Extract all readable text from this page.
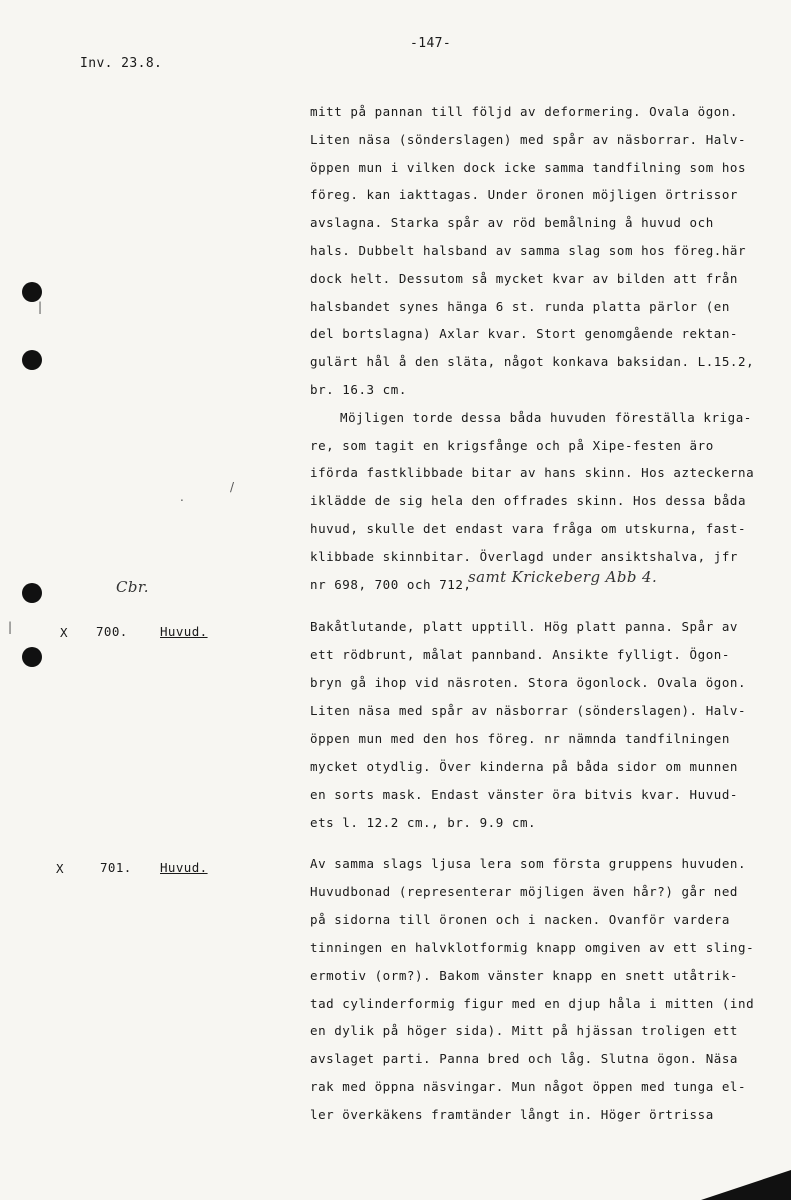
Inv. 23.8.
-147-
mitt på pannan till följd av deformering. Ovala ögon.
Liten näsa (sönderslagen) med spår av näsborrar. Halv-
öppen mun i vilken dock icke samma tandfilning som hos
föreg. kan iakttagas. Under öronen möjligen örtrissor
avslagna. Starka spår av röd bemålning å huvud och
hals. Dubbelt halsband av samma slag som hos föreg.här
dock helt. Dessutom så mycket kvar av bilden att från
halsbandet synes hänga 6 st. runda platta pärlor (en
del bortslagna) Axlar kvar. Stort genomgående rektan-
gulärt hål å den släta, något konkava baksidan. L.15.2,
br. 16.3 cm.
Möjligen torde dessa båda huvuden föreställa kriga-
re, som tagit en krigsfånge och på Xipe-festen äro
iförda fastklibbade bitar av hans skinn. Hos azteckerna
iklädde de sig hela den offrades skinn. Hos dessa båda
huvud, skulle det endast vara fråga om utskurna, fast-
klibbade skinnbitar. Överlagd under ansiktshalva, jfr
nr 698, 700 och 712,
samt Krickeberg Abb 4.
Cbr.
X 700.	Huvud.	Bakåtlutande, platt upptill. Hög platt panna. Spår av
ett rödbrunt, målat pannband. Ansikte fylligt. Ögon-
bryn gå ihop vid näsroten. Stora ögonlock. Ovala ögon.
Liten näsa med spår av näsborrar (sönderslagen). Halv-
öppen mun med den hos föreg. nr nämnda tandfilningen
mycket otydlig. Över kinderna på båda sidor om munnen
en sorts mask. Endast vänster öra bitvis kvar. Huvud-
ets l. 12.2 cm., br. 9.9 cm.
X	701. Huvud.	Av samma slags ljusa lera som första gruppens huvuden.
Huvudbonad (representerar möjligen även hår?) går ned
på sidorna till öronen och i nacken. Ovanför vardera
tinningen en halvklotformig knapp omgiven av ett sling-
ermotiv (orm?). Bakom vänster knapp en snett utåtrik-
tad cylinderformig figur med en djup håla i mitten (ind
en dylik på höger sida). Mitt på hjässan troligen ett
avslaget parti. Panna bred och låg. Slutna ögon. Näsa
rak med öppna näsvingar. Mun något öppen med tunga el-
ler överkäkens framtänder långt in. Höger örtrissa
|
|
.
/
